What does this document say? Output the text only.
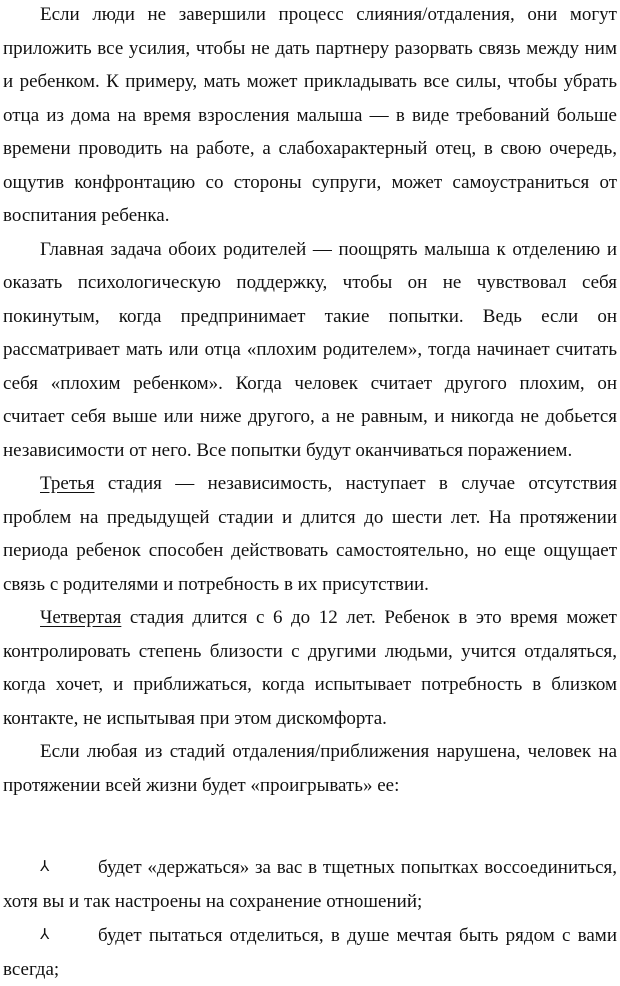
Если люди не завершили процесс слияния/отдаления, они могут приложить все усилия, чтобы не дать партнеру разорвать связь между ним и ребенком. К примеру, мать может прикладывать все силы, чтобы убрать отца из дома на время взросления малыша — в виде требований больше времени проводить на работе, а слабохарактерный отец, в свою очередь, ощутив конфронтацию со стороны супруги, может самоустраниться от воспитания ребенка.

Главная задача обоих родителей — поощрять малыша к отделению и оказать психологическую поддержку, чтобы он не чувствовал себя покинутым, когда предпринимает такие попытки. Ведь если он рассматривает мать или отца «плохим родителем», тогда начинает считать себя «плохим ребенком». Когда человек считает другого плохим, он считает себя выше или ниже другого, а не равным, и никогда не добьется независимости от него. Все попытки будут оканчиваться поражением.

Третья стадия — независимость, наступает в случае отсутствия проблем на предыдущей стадии и длится до шести лет. На протяжении периода ребенок способен действовать самостоятельно, но еще ощущает связь с родителями и потребность в их присутствии.

Четвертая стадия длится с 6 до 12 лет. Ребенок в это время может контролировать степень близости с другими людьми, учится отдаляться, когда хочет, и приближаться, когда испытывает потребность в близком контакте, не испытывая при этом дискомфорта.

Если любая из стадий отдаления/приближения нарушена, человек на протяжении всей жизни будет «проигрывать» ее:

⅄	будет «держаться» за вас в тщетных попытках воссоединиться, хотя вы и так настроены на сохранение отношений;

⅄	будет пытаться отделиться, в душе мечтая быть рядом с вами всегда;
